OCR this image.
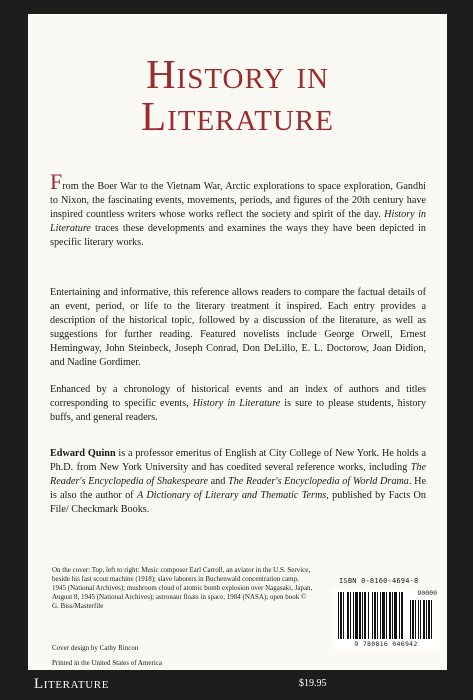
History in
Literature

From the Boer War to the Vietnam War, Arctic explorations to space exploration, Gandhi to Nixon, the fascinating events, movements, periods, and figures of the 20th century have inspired countless writers whose works reflect the society and spirit of the day. History in Literature traces these developments and examines the ways they have been depicted in specific literary works.

Entertaining and informative, this reference allows readers to compare the factual details of an event, period, or life to the literary treatment it inspired. Each entry provides a description of the historical topic, followed by a discussion of the literature, as well as suggestions for further reading. Featured novelists include George Orwell, Ernest Hemingway, John Steinbeck, Joseph Conrad, Don DeLillo, E. L. Doctorow, Joan Didion, and Nadine Gordimer.

Enhanced by a chronology of historical events and an index of authors and titles corresponding to specific events, History in Literature is sure to please students, history buffs, and general readers.

Edward Quinn is a professor emeritus of English at City College of New York. He holds a Ph.D. from New York University and has coedited several reference works, including The Reader's Encyclopedia of Shakespeare and The Reader's Encyclopedia of World Drama. He is also the author of A Dictionary of Literary and Thematic Terms, published by Facts On File/ Checkmark Books.

On the cover: Top, left to right: Music composer Earl Carroll, an aviator in the U.S. Service, beside his fast scout machine (1918); slave laborers in Buchenwald concentration camp, 1945 (National Archives); mushroom cloud of atomic bomb explosion over Nagasaki, Japan, August 8, 1945 (National Archives); astronaut floats in space, 1984 (NASA); open book © G. Biss/Masterfile

Cover design by Cathy Rincon

Printed in the United States of America

ISBN 0-8160-4694-8
90000
9 780816 046942
Literature	$19.95
